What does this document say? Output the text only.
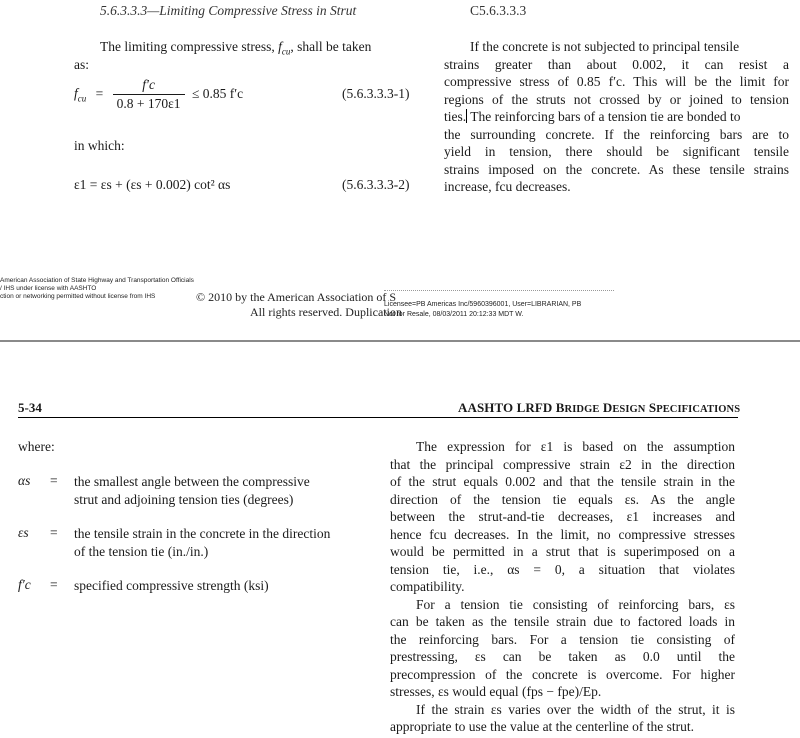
5.6.3.3.3—Limiting Compressive Stress in Strut	C5.6.3.3.3
The limiting compressive stress, $f_{cu}$, shall be taken
as:
$f_{cu} = \frac{f'c}{0.8 + 170\varepsilon 1} \le 0.85$ f′c	(5.6.3.3.3-1)
in which:
ε1 = εs + (εs + 0.002) cot² αs	(5.6.3.3.3-2)
If the concrete is not subjected to principal tensile
strains greater than about 0.002, it can resist a
compressive stress of 0.85 f′c. This will be the limit for
regions of the struts not crossed by or joined to tension
ties. The reinforcing bars of a tension tie are bonded to
the surrounding concrete. If the reinforcing bars are to
yield in tension, there should be significant tensile
strains imposed on the concrete. As these tensile strains
increase, fcu decreases.
American Association of State Highway and Transportation Officials
/ IHS under license with AASHTO
ction or networking permitted without license from IHS	© 2010 by the American Association of S
All rights reserved. Duplication
Licensee=PB Americas Inc/5960396001, User=LIBRARIAN, PB
Not for Resale, 08/03/2011 20:12:33 MDT W.
5-34	AASHTO LRFD BRIDGE DESIGN SPECIFICATIONS
where:
αs = the smallest angle between the compressive
strut and adjoining tension ties (degrees)
εs = the tensile strain in the concrete in the direction
of the tension tie (in./in.)
f′c = specified compressive strength (ksi)
The expression for ε1 is based on the assumption
that the principal compressive strain ε2 in the direction
of the strut equals 0.002 and that the tensile strain in the
direction of the tension tie equals εs. As the angle
between the strut-and-tie decreases, ε1 increases and
hence fcu decreases. In the limit, no compressive stresses
would be permitted in a strut that is superimposed on a
tension tie, i.e., αs = 0, a situation that violates
compatibility.
For a tension tie consisting of reinforcing bars, εs
can be taken as the tensile strain due to factored loads in
the reinforcing bars. For a tension tie consisting of
prestressing, εs can be taken as 0.0 until the
precompression of the concrete is overcome. For higher
stresses, εs would equal (fps − fpe)/Ep.
If the strain εs varies over the width of the strut, it is
appropriate to use the value at the centerline of the strut.
